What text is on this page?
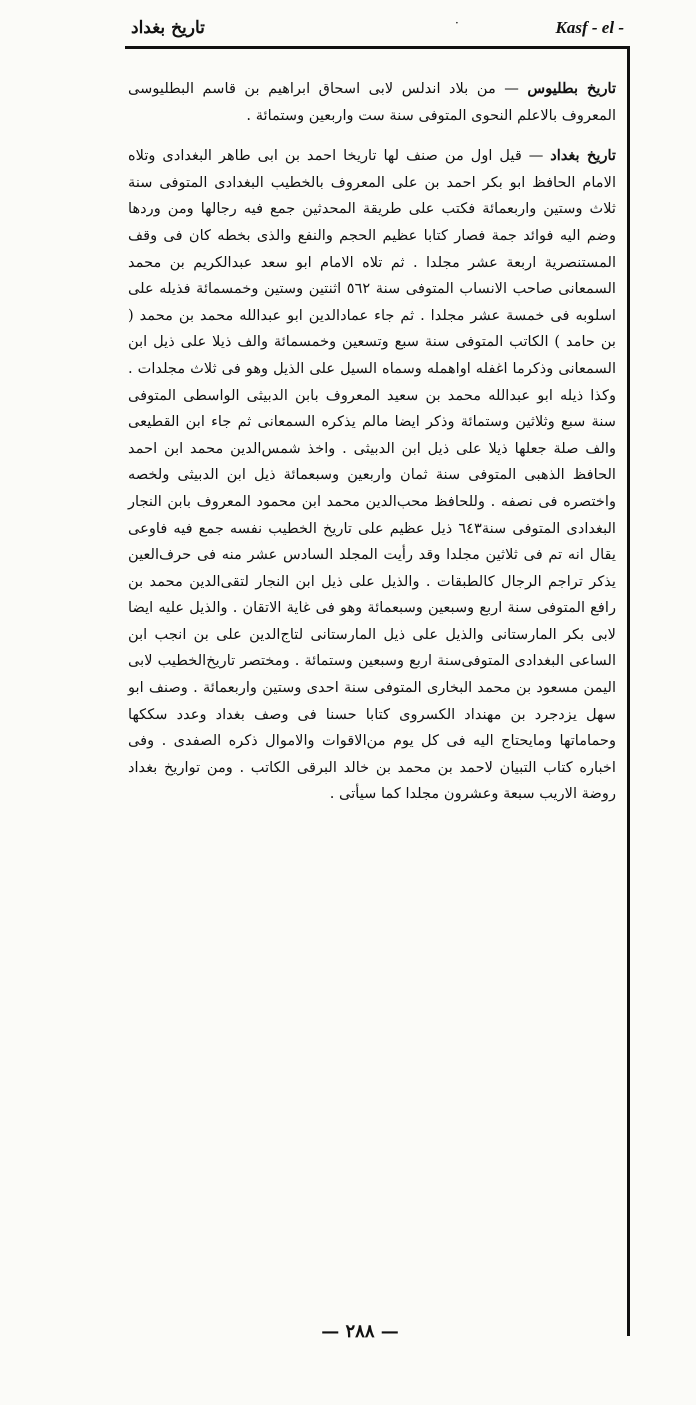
تاريخ بغداد	·	Kasf - el -

تاريخ بطليوس — من بلاد اندلس لابى اسحاق ابراهيم بن قاسم البطليوسى المعروف بالاعلم النحوى المتوفى سنة ست واربعين وستمائة .

تاريخ بغداد — قيل اول من صنف لها تاريخا احمد بن ابى طاهر البغدادى وتلاه الامام الحافظ ابو بكر احمد بن على المعروف بالخطيب البغدادى المتوفى سنة ثلاث وستين واربعمائة فكتب على طريقة المحدثين جمع فيه رجالها ومن وردها وضم اليه فوائد جمة فصار كتابا عظيم الحجم والنفع والذى بخطه كان فى وقف المستنصرية اربعة عشر مجلدا . ثم تلاه الامام ابو سعد عبدالكريم بن محمد السمعانى صاحب الانساب المتوفى سنة ٥٦٢ اثنتين وستين وخمسمائة فذيله على اسلوبه فى خمسة عشر مجلدا . ثم جاء عمادالدين ابو عبدالله محمد بن محمد ( بن حامد ) الكاتب المتوفى سنة سبع وتسعين وخمسمائة والف ذيلا على ذيل ابن السمعانى وذكرما اغفله اواهمله وسماه السيل على الذيل وهو فى ثلاث مجلدات . وكذا ذيله ابو عبدالله محمد بن سعيد المعروف بابن الدبيثى الواسطى المتوفى سنة سبع وثلاثين وستمائة وذكر ايضا مالم يذكره السمعانى ثم جاء ابن القطيعى والف صلة جعلها ذيلا على ذيل ابن الدبيثى . واخذ شمس‌الدين محمد ابن احمد الحافظ الذهبى المتوفى سنة ثمان واربعين وسبعمائة ذيل ابن الدبيثى ولخصه واختصره فى نصفه . وللحافظ محب‌الدين محمد ابن محمود المعروف بابن النجار البغدادى المتوفى سنة٦٤٣ ذيل عظيم على تاريخ الخطيب نفسه جمع فيه فاوعى يقال انه تم فى ثلاثين مجلدا وقد رأيت المجلد السادس عشر منه فى حرف‌العين يذكر تراجم الرجال كالطبقات . والذيل على ذيل ابن النجار لتقى‌الدين محمد بن رافع المتوفى سنة اربع وسبعين وسبعمائة وهو فى غاية الاتقان . والذيل عليه ايضا لابى بكر المارستانى والذيل على ذيل المارستانى لتاج‌الدين على بن انجب ابن الساعى البغدادى المتوفى‌سنة اربع وسبعين وستمائة . ومختصر تاريخ‌الخطيب لابى اليمن مسعود بن محمد البخارى المتوفى سنة احدى وستين واربعمائة . وصنف ابو سهل يزدجرد بن مهنداد الكسروى كتابا حسنا فى وصف بغداد وعدد سككها وحماماتها ومايحتاج اليه فى كل يوم من‌الاقوات والاموال ذكره الصفدى . وفى اخباره كتاب التبيان لاحمد بن محمد بن خالد البرقى الكاتب . ومن تواريخ بغداد روضة الاريب سبعة وعشرون مجلدا كما سيأتى .

— ٢٨٨ —
